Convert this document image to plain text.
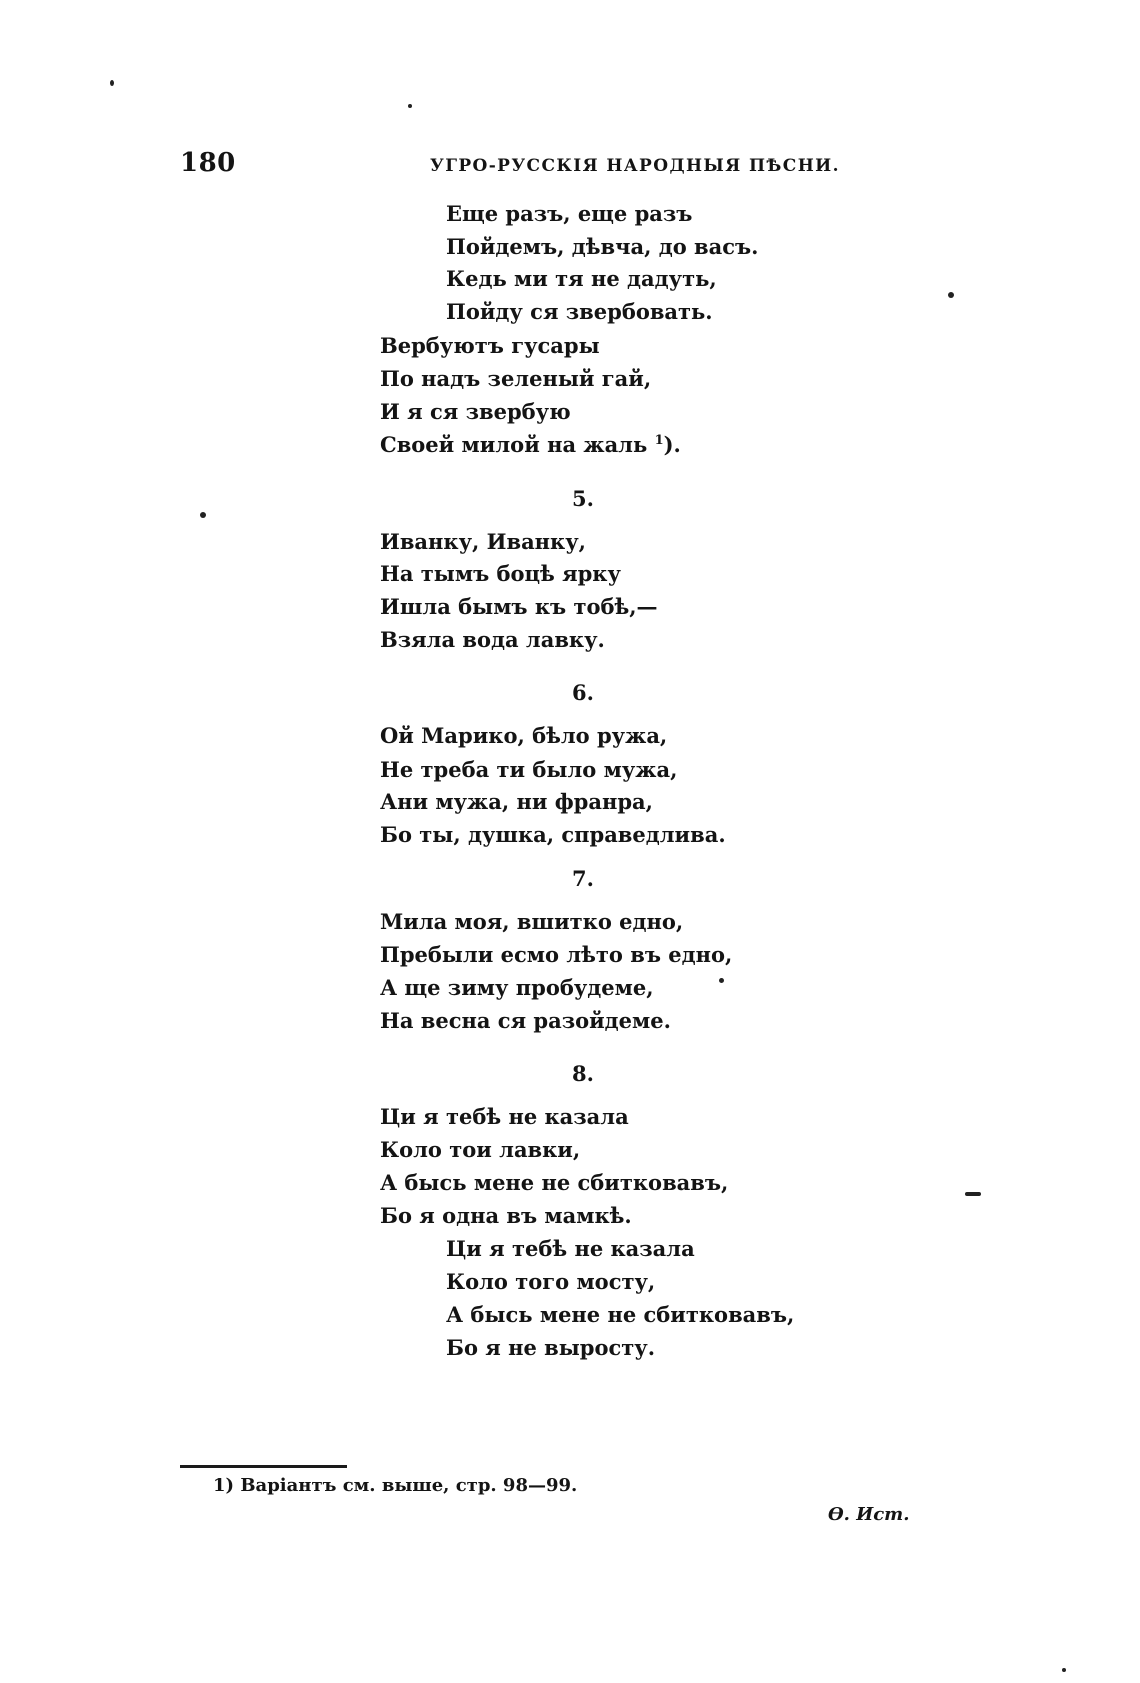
180	УГРО-РУССКІЯ НАРОДНЫЯ ПѢСНИ.
Еще разъ, еще разъ
Пойдемъ, дѣвча, до васъ.
Кедь ми тя не дадуть,
Пойду ся звербовать.
Вербуютъ гусары
По надъ зеленый гай,
И я ся звербую
Своей милой на жаль $^1$).
5.
Иванку, Иванку,
На тымъ боцѣ ярку
Ишла бымъ къ тобѣ,—
Взяла вода лавку.
6.
Ой Марико, бѣло ружа,
Не треба ти было мужа,
Ани мужа, ни франра,
Бо ты, душка, справедлива.
7.
Мила моя, вшитко едно,
Пребыли есмо лѣто въ едно,
А ще зиму пробудеме,
На весна ся разойдеме.
8.
Ци я тебѣ не казала
Коло тои лавки,
А бысь мене не сбитковавъ,
Бо я одна въ мамкѣ.
Ци я тебѣ не казала
Коло того мосту,
А бысь мене не сбитковавъ,
Бо я не выросту.
1) Варіантъ см. выше, стр. 98—99.
Ѳ. Ист.
